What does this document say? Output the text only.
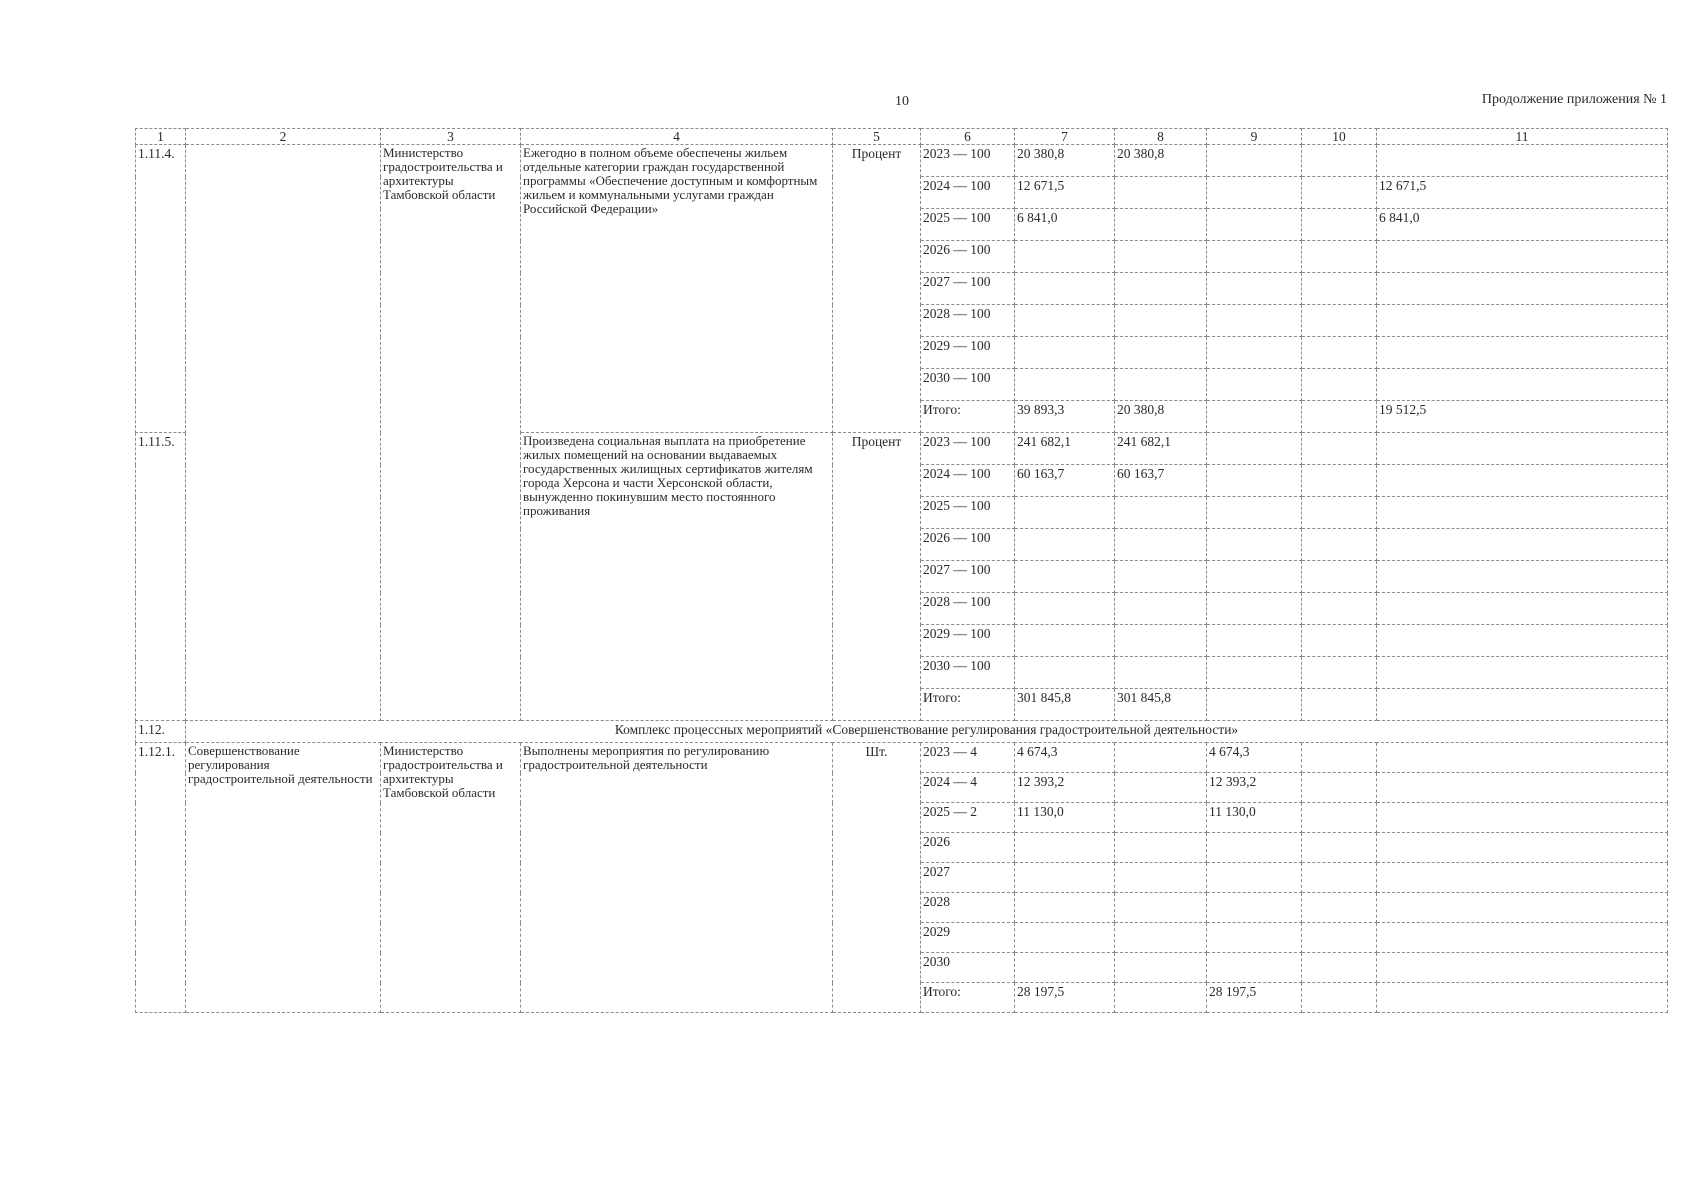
10	Продолжение приложения № 1
1	2	3	4	5	6	7	8	9	10	11
1.11.4.		Министерство градостроительства и архитектуры Тамбовской области	Ежегодно в полном объеме обеспечены жильем отдельные категории граждан государственной программы «Обеспечение доступным и комфортным жильем и коммунальными услугами граждан Российской Федерации»	Процент	2023 — 100	20 380,8	20 380,8			
					2024 — 100	12 671,5				12 671,5
					2025 — 100	6 841,0				6 841,0
					2026 — 100					
					2027 — 100					
					2028 — 100					
					2029 — 100					
					2030 — 100					
					Итого:	39 893,3	20 380,8			19 512,5
1.11.5.			Произведена социальная выплата на приобретение жилых помещений на основании выдаваемых государственных жилищных сертификатов жителям города Херсона и части Херсонской области, вынужденно покинувшим место постоянного проживания	Процент	2023 — 100	241 682,1	241 682,1			
					2024 — 100	60 163,7	60 163,7			
					2025 — 100					
					2026 — 100					
					2027 — 100					
					2028 — 100					
					2029 — 100					
					2030 — 100					
					Итого:	301 845,8	301 845,8			
1.12.	Комплекс процессных мероприятий «Совершенствование регулирования градостроительной деятельности»									
1.12.1.	Совершенствование регулирования градостроительной деятельности	Министерство градостроительства и архитектуры Тамбовской области	Выполнены мероприятия по регулированию градостроительной деятельности	Шт.	2023 — 4	4 674,3		4 674,3		
					2024 — 4	12 393,2		12 393,2		
					2025 — 2	11 130,0		11 130,0		
					2026					
					2027					
					2028					
					2029					
					2030					
					Итого:	28 197,5		28 197,5		
